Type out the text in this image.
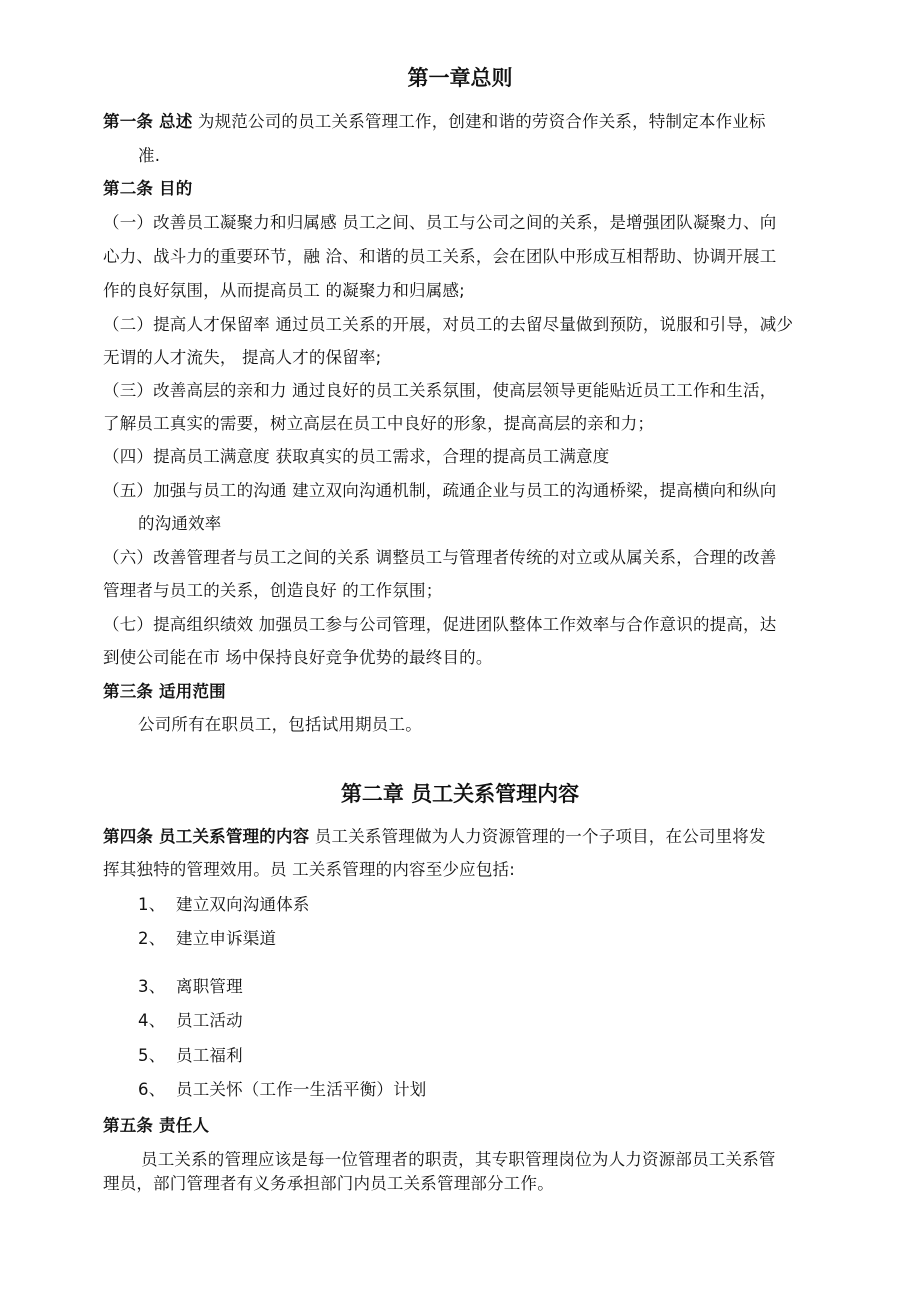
第一章总则
第一条 总述 为规范公司的员工关系管理工作，创建和谐的劳资合作关系，特制定本作业标
准.
第二条 目的
（一）改善员工凝聚力和归属感 员工之间、员工与公司之间的关系，是增强团队凝聚力、向
心力、战斗力的重要环节，融 洽、和谐的员工关系，会在团队中形成互相帮助、协调开展工
作的良好氛围，从而提高员工 的凝聚力和归属感;
（二）提高人才保留率 通过员工关系的开展，对员工的去留尽量做到预防，说服和引导，减少
无谓的人才流失， 提高人才的保留率;
（三）改善高层的亲和力 通过良好的员工关系氛围，使高层领导更能贴近员工工作和生活，
了解员工真实的需要，树立高层在员工中良好的形象，提高高层的亲和力；
（四）提高员工满意度 获取真实的员工需求，合理的提高员工满意度
（五）加强与员工的沟通 建立双向沟通机制，疏通企业与员工的沟通桥梁，提高横向和纵向
的沟通效率
（六）改善管理者与员工之间的关系 调整员工与管理者传统的对立或从属关系，合理的改善
管理者与员工的关系，创造良好 的工作氛围；
（七）提高组织绩效 加强员工参与公司管理，促进团队整体工作效率与合作意识的提高，达
到使公司能在市 场中保持良好竞争优势的最终目的。
第三条 适用范围
公司所有在职员工，包括试用期员工。
第二章 员工关系管理内容
第四条 员工关系管理的内容 员工关系管理做为人力资源管理的一个子项目，在公司里将发
挥其独特的管理效用。员 工关系管理的内容至少应包括:
1、 建立双向沟通体系
2、 建立申诉渠道
3、 离职管理
4、 员工活动
5、 员工福利
6、 员工关怀（工作一生活平衡）计划
第五条 责任人
员工关系的管理应该是每一位管理者的职责，其专职管理岗位为人力资源部员工关系管
理员，部门管理者有义务承担部门内员工关系管理部分工作。
